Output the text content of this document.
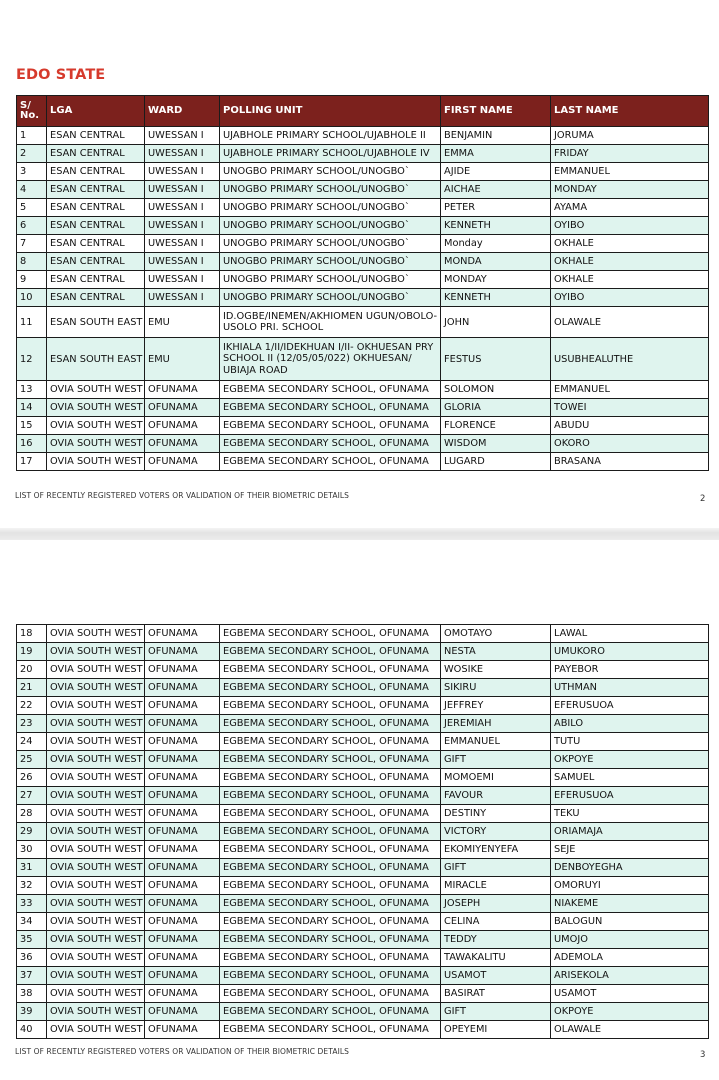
EDO STATE
S/ No.	LGA	WARD	POLLING UNIT	FIRST NAME	LAST NAME
1	ESAN CENTRAL	UWESSAN I	UJABHOLE PRIMARY SCHOOL/UJABHOLE II	BENJAMIN	JORUMA
2	ESAN CENTRAL	UWESSAN I	UJABHOLE PRIMARY SCHOOL/UJABHOLE IV	EMMA	FRIDAY
3	ESAN CENTRAL	UWESSAN I	UNOGBO PRIMARY SCHOOL/UNOGBO`	AJIDE	EMMANUEL
4	ESAN CENTRAL	UWESSAN I	UNOGBO PRIMARY SCHOOL/UNOGBO`	AICHAE	MONDAY
5	ESAN CENTRAL	UWESSAN I	UNOGBO PRIMARY SCHOOL/UNOGBO`	PETER	AYAMA
6	ESAN CENTRAL	UWESSAN I	UNOGBO PRIMARY SCHOOL/UNOGBO`	KENNETH	OYIBO
7	ESAN CENTRAL	UWESSAN I	UNOGBO PRIMARY SCHOOL/UNOGBO`	Monday	OKHALE
8	ESAN CENTRAL	UWESSAN I	UNOGBO PRIMARY SCHOOL/UNOGBO`	MONDA	OKHALE
9	ESAN CENTRAL	UWESSAN I	UNOGBO PRIMARY SCHOOL/UNOGBO`	MONDAY	OKHALE
10	ESAN CENTRAL	UWESSAN I	UNOGBO PRIMARY SCHOOL/UNOGBO`	KENNETH	OYIBO
11	ESAN SOUTH EAST	EMU	ID.OGBE/INEMEN/AKHIOMEN UGUN/OBOLO-USOLO PRI. SCHOOL	JOHN	OLAWALE
12	ESAN SOUTH EAST	EMU	IKHIALA 1/II/IDEKHUAN I/II- OKHUESAN PRY SCHOOL II (12/05/05/022) OKHUESAN/ UBIAJA ROAD	FESTUS	USUBHEALUTHE
13	OVIA SOUTH WEST	OFUNAMA	EGBEMA SECONDARY SCHOOL, OFUNAMA	SOLOMON	EMMANUEL
14	OVIA SOUTH WEST	OFUNAMA	EGBEMA SECONDARY SCHOOL, OFUNAMA	GLORIA	TOWEI
15	OVIA SOUTH WEST	OFUNAMA	EGBEMA SECONDARY SCHOOL, OFUNAMA	FLORENCE	ABUDU
16	OVIA SOUTH WEST	OFUNAMA	EGBEMA SECONDARY SCHOOL, OFUNAMA	WISDOM	OKORO
17	OVIA SOUTH WEST	OFUNAMA	EGBEMA SECONDARY SCHOOL, OFUNAMA	LUGARD	BRASANA
LIST OF RECENTLY REGISTERED VOTERS OR VALIDATION OF THEIR BIOMETRIC DETAILS	2
18	OVIA SOUTH WEST	OFUNAMA	EGBEMA SECONDARY SCHOOL, OFUNAMA	OMOTAYO	LAWAL
19	OVIA SOUTH WEST	OFUNAMA	EGBEMA SECONDARY SCHOOL, OFUNAMA	NESTA	UMUKORO
20	OVIA SOUTH WEST	OFUNAMA	EGBEMA SECONDARY SCHOOL, OFUNAMA	WOSIKE	PAYEBOR
21	OVIA SOUTH WEST	OFUNAMA	EGBEMA SECONDARY SCHOOL, OFUNAMA	SIKIRU	UTHMAN
22	OVIA SOUTH WEST	OFUNAMA	EGBEMA SECONDARY SCHOOL, OFUNAMA	JEFFREY	EFERUSUOA
23	OVIA SOUTH WEST	OFUNAMA	EGBEMA SECONDARY SCHOOL, OFUNAMA	JEREMIAH	ABILO
24	OVIA SOUTH WEST	OFUNAMA	EGBEMA SECONDARY SCHOOL, OFUNAMA	EMMANUEL	TUTU
25	OVIA SOUTH WEST	OFUNAMA	EGBEMA SECONDARY SCHOOL, OFUNAMA	GIFT	OKPOYE
26	OVIA SOUTH WEST	OFUNAMA	EGBEMA SECONDARY SCHOOL, OFUNAMA	MOMOEMI	SAMUEL
27	OVIA SOUTH WEST	OFUNAMA	EGBEMA SECONDARY SCHOOL, OFUNAMA	FAVOUR	EFERUSUOA
28	OVIA SOUTH WEST	OFUNAMA	EGBEMA SECONDARY SCHOOL, OFUNAMA	DESTINY	TEKU
29	OVIA SOUTH WEST	OFUNAMA	EGBEMA SECONDARY SCHOOL, OFUNAMA	VICTORY	ORIAMAJA
30	OVIA SOUTH WEST	OFUNAMA	EGBEMA SECONDARY SCHOOL, OFUNAMA	EKOMIYENYEFA	SEJE
31	OVIA SOUTH WEST	OFUNAMA	EGBEMA SECONDARY SCHOOL, OFUNAMA	GIFT	DENBOYEGHA
32	OVIA SOUTH WEST	OFUNAMA	EGBEMA SECONDARY SCHOOL, OFUNAMA	MIRACLE	OMORUYI
33	OVIA SOUTH WEST	OFUNAMA	EGBEMA SECONDARY SCHOOL, OFUNAMA	JOSEPH	NIAKEME
34	OVIA SOUTH WEST	OFUNAMA	EGBEMA SECONDARY SCHOOL, OFUNAMA	CELINA	BALOGUN
35	OVIA SOUTH WEST	OFUNAMA	EGBEMA SECONDARY SCHOOL, OFUNAMA	TEDDY	UMOJO
36	OVIA SOUTH WEST	OFUNAMA	EGBEMA SECONDARY SCHOOL, OFUNAMA	TAWAKALITU	ADEMOLA
37	OVIA SOUTH WEST	OFUNAMA	EGBEMA SECONDARY SCHOOL, OFUNAMA	USAMOT	ARISEKOLA
38	OVIA SOUTH WEST	OFUNAMA	EGBEMA SECONDARY SCHOOL, OFUNAMA	BASIRAT	USAMOT
39	OVIA SOUTH WEST	OFUNAMA	EGBEMA SECONDARY SCHOOL, OFUNAMA	GIFT	OKPOYE
40	OVIA SOUTH WEST	OFUNAMA	EGBEMA SECONDARY SCHOOL, OFUNAMA	OPEYEMI	OLAWALE
LIST OF RECENTLY REGISTERED VOTERS OR VALIDATION OF THEIR BIOMETRIC DETAILS	3
